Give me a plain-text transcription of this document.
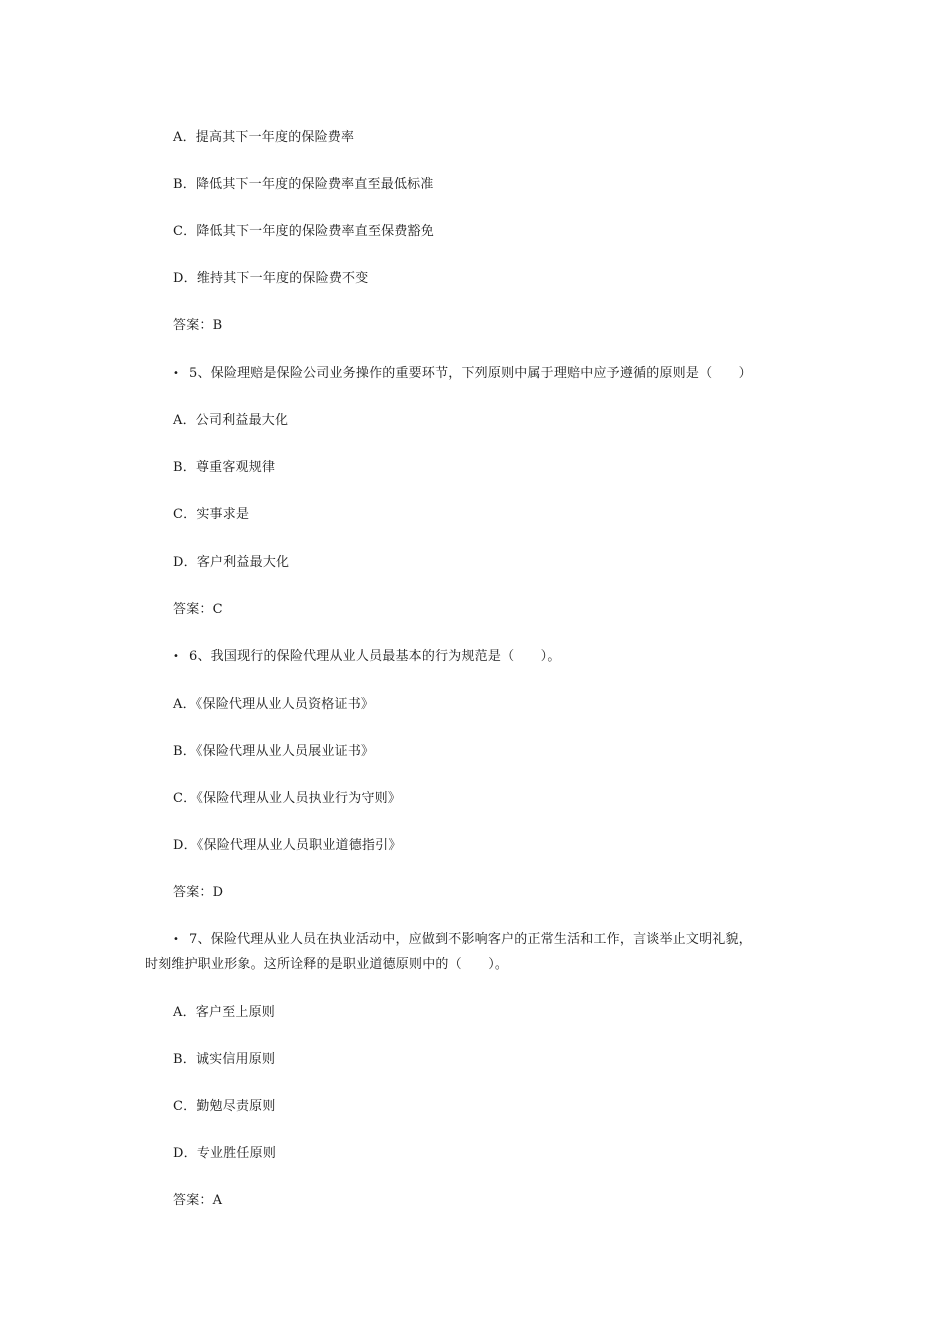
A．提高其下一年度的保险费率
B．降低其下一年度的保险费率直至最低标准
C．降低其下一年度的保险费率直至保费豁免
D．维持其下一年度的保险费不变
答案：B
• 5、保险理赔是保险公司业务操作的重要环节，下列原则中属于理赔中应予遵循的原则是（　　）
A．公司利益最大化
B．尊重客观规律
C．实事求是
D．客户利益最大化
答案：C
• 6、我国现行的保险代理从业人员最基本的行为规范是（　　）。
A．《保险代理从业人员资格证书》
B．《保险代理从业人员展业证书》
C．《保险代理从业人员执业行为守则》
D．《保险代理从业人员职业道德指引》
答案：D
• 7、保险代理从业人员在执业活动中，应做到不影响客户的正常生活和工作，言谈举止文明礼貌，
时刻维护职业形象。这所诠释的是职业道德原则中的（　　）。
A．客户至上原则
B．诚实信用原则
C．勤勉尽责原则
D．专业胜任原则
答案：A
